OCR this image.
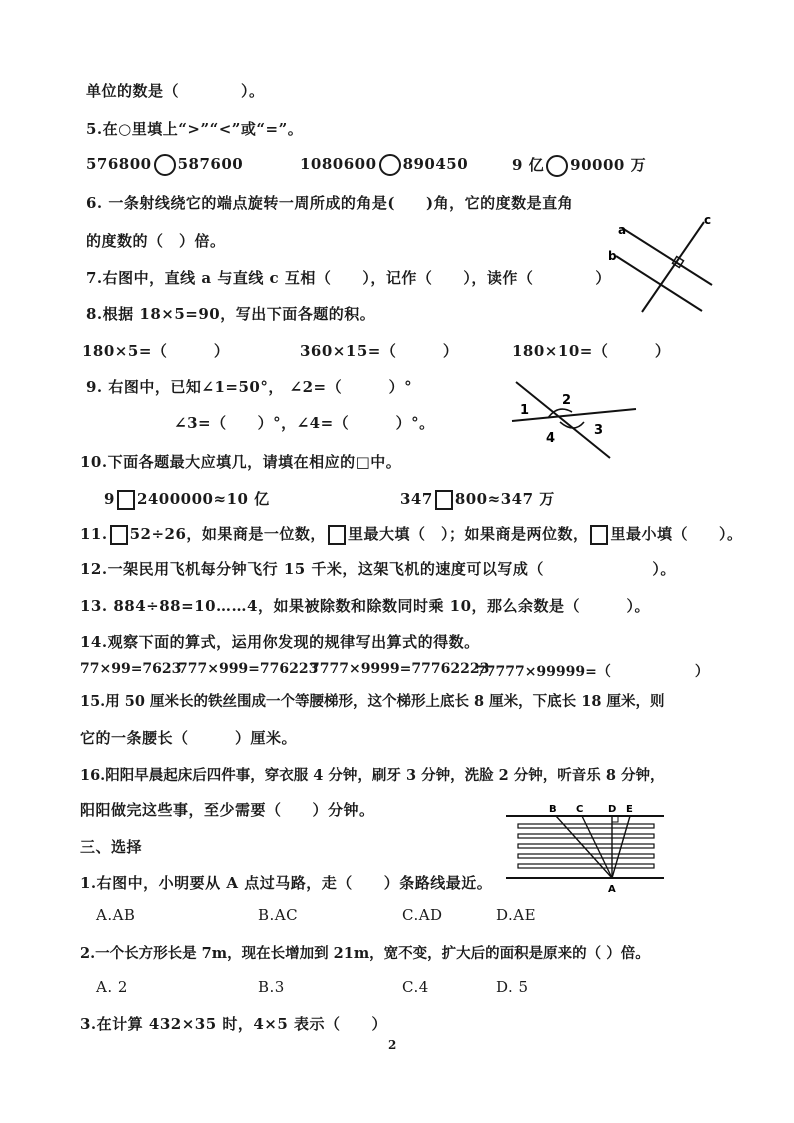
单位的数是（　　　　）。
5.在○里填上“>”“<”或“=”。
576800 587600	1080600 890450	9 亿 90000 万
6. 一条射线绕它的端点旋转一周所成的角是(　　)角，它的度数是直角
的度数的（　）倍。
7.右图中，直线 a 与直线 c 互相（　　），记作（　　），读作（　　　　）
8.根据 18×5=90，写出下面各题的积。
180×5=（　　　）	360×15=（　　　）	180×10=（　　　）
9. 右图中，已知∠1=50°， ∠2=（　　　）°
∠3=（　　）°，∠4=（　　　）°。
10.下面各题最大应填几，请填在相应的□中。
9 2400000≈10 亿	347 800≈347 万
11. 52÷26，如果商是一位数， 里最大填（　）；如果商是两位数， 里最小填（　　）。
12.一架民用飞机每分钟飞行 15 千米，这架飞机的速度可以写成（　　　　　　　）。
13. 884÷88=10……4，如果被除数和除数同时乘 10，那么余数是（　　　）。
14.观察下面的算式，运用你发现的规律写出算式的得数。
77×99=7623
777×999=776223
7777×9999=77762223
77777×99999=（　　　　　　）
15.用 50 厘米长的铁丝围成一个等腰梯形，这个梯形上底长 8 厘米，下底长 18 厘米，则
它的一条腰长（　　　）厘米。
16.阳阳早晨起床后四件事，穿衣服 4 分钟，刷牙 3 分钟，洗脸 2 分钟，听音乐 8 分钟，
阳阳做完这些事，至少需要（　　）分钟。
三、选择
1.右图中，小明要从 A 点过马路，走（　　）条路线最近。
A.AB	B.AC	C.AD	D.AE
2.一个长方形长是 7m，现在长增加到 21m，宽不变，扩大后的面积是原来的（ ）倍。
A. 2	B.3	C.4	D. 5
3.在计算 432×35 时，4×5 表示（　　）
2
a
b
c
1
2
3
4
B C D E
A
